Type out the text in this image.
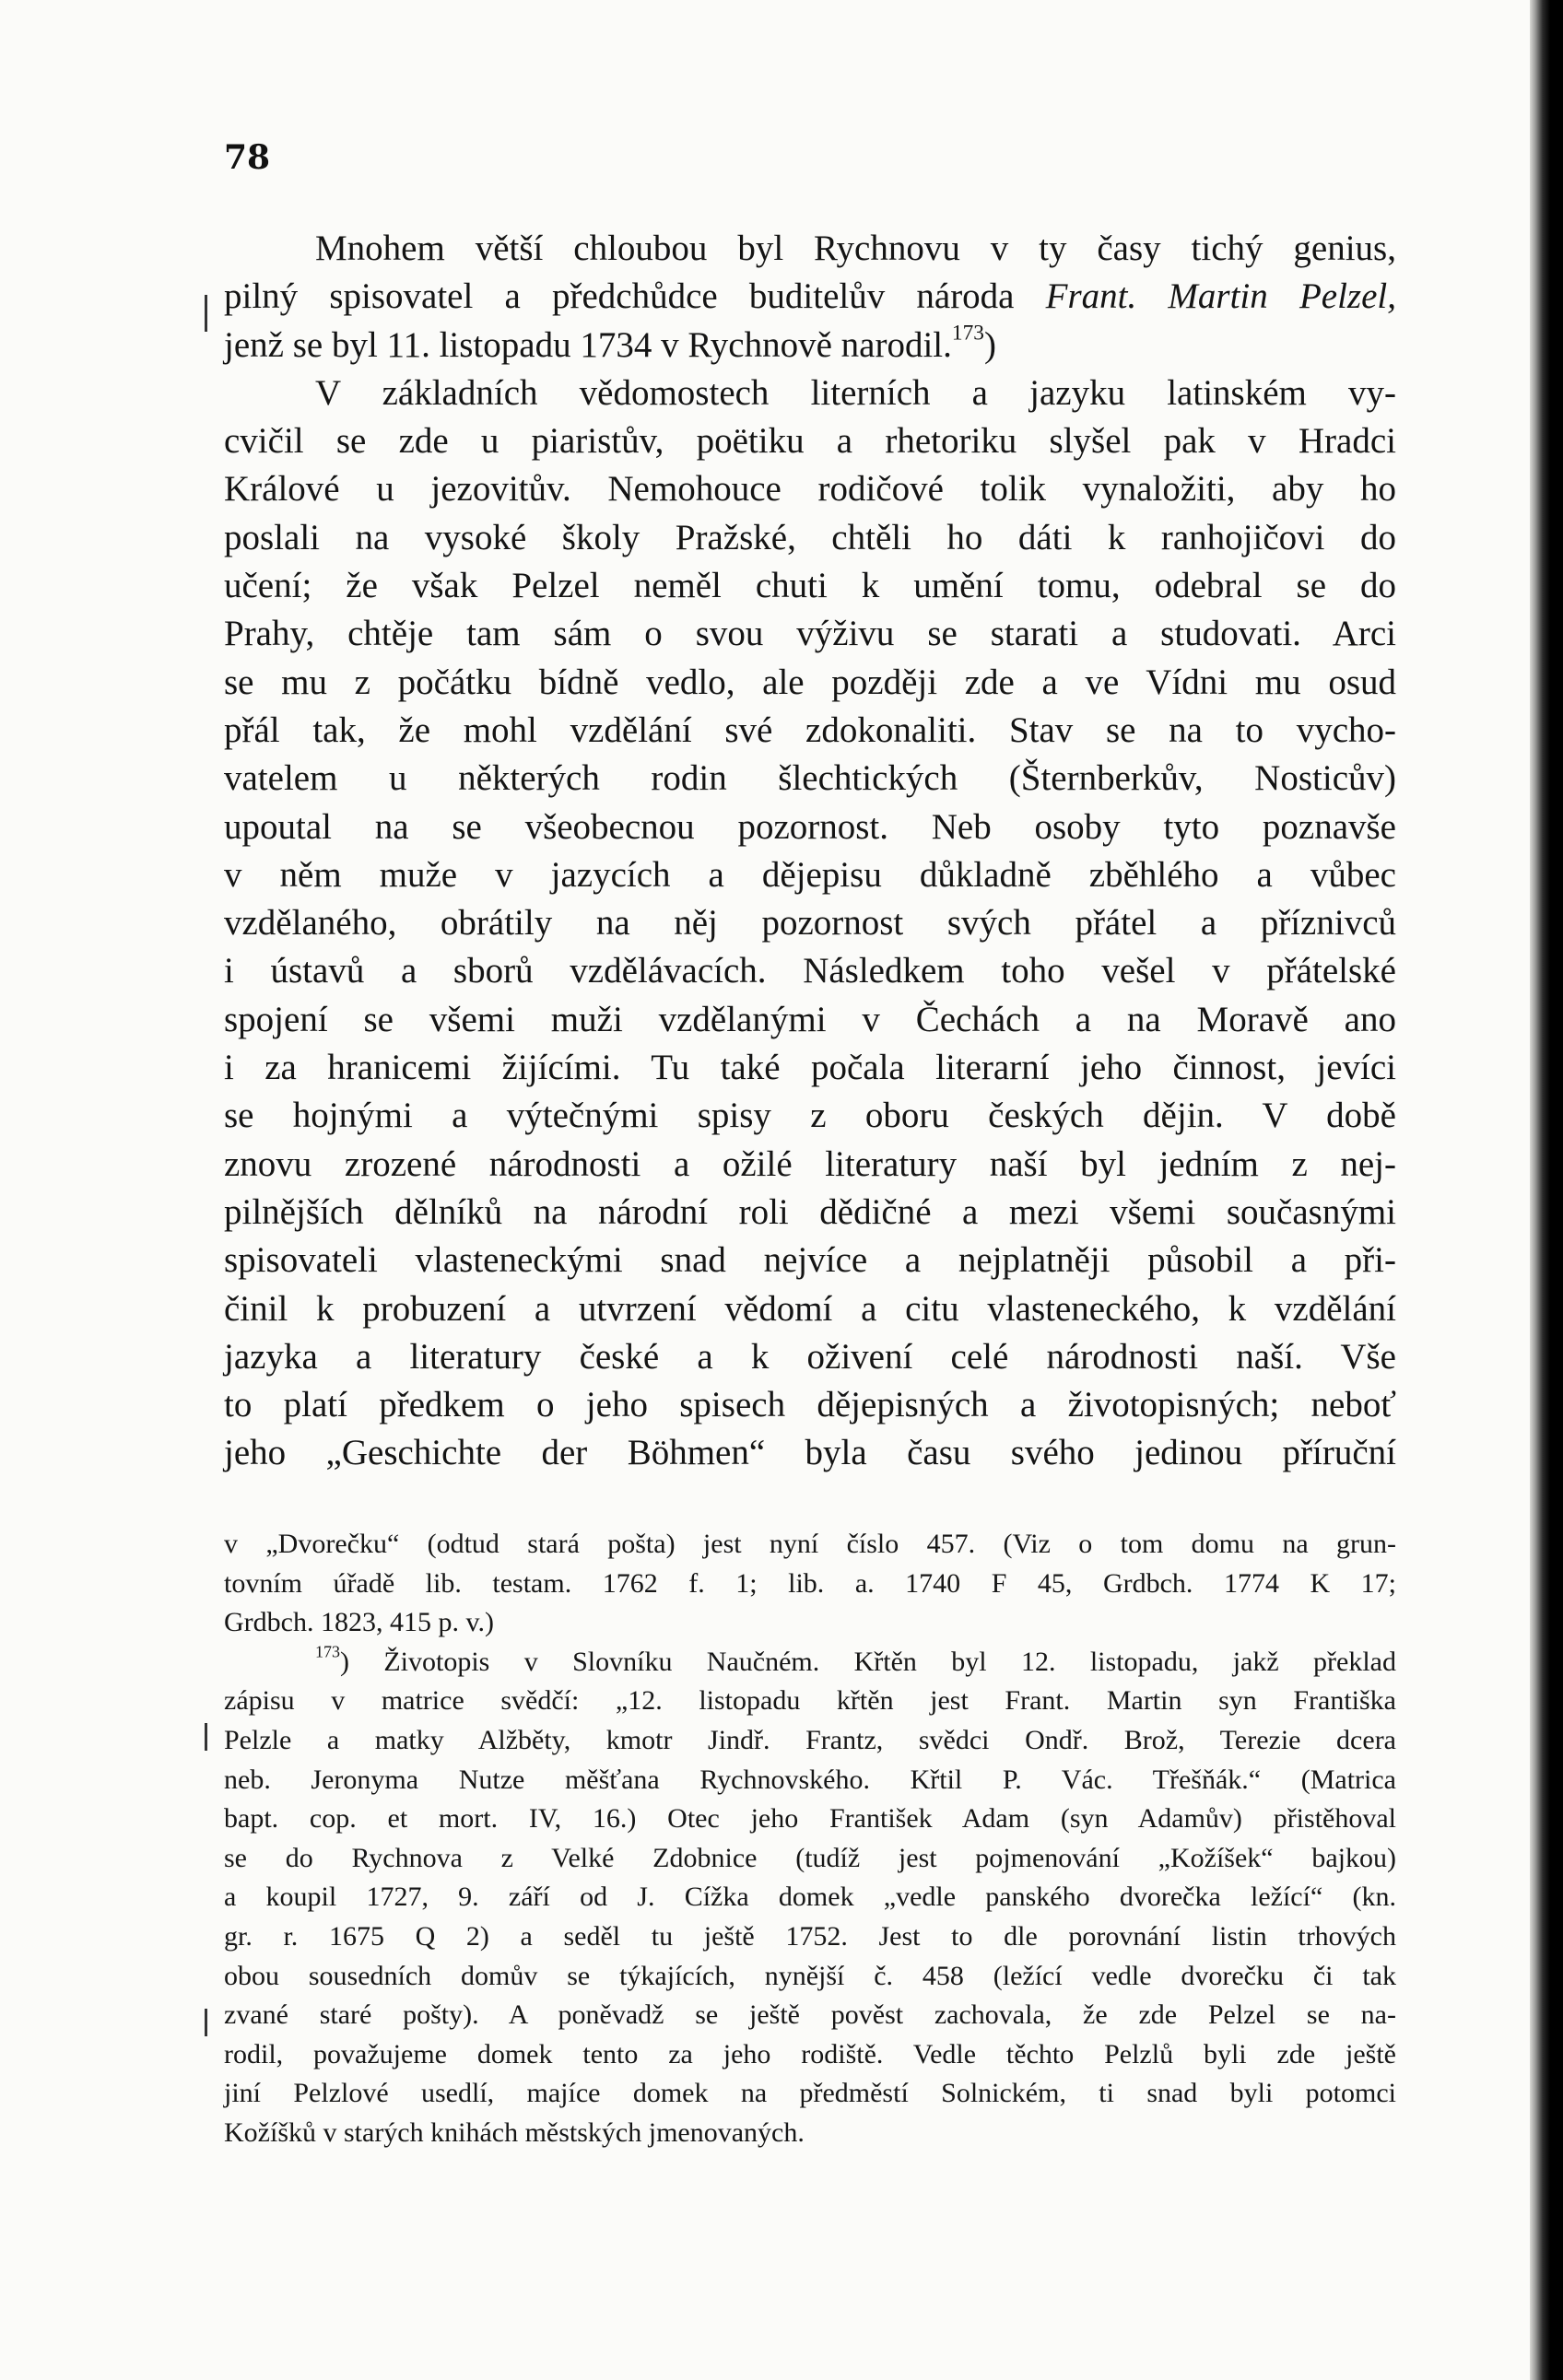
78

Mnohem větší chloubou byl Rychnovu v ty časy tichý genius,

pilný spisovatel a předchůdce buditelův národa Frant. Martin Pelzel,

jenž se byl 11. listopadu 1734 v Rychnově narodil.$^{173}$)

V základních vědomostech literních a jazyku latinském vy-

cvičil se zde u piaristův, poëtiku a rhetoriku slyšel pak v Hradci

Králové u jezovitův. Nemohouce rodičové tolik vynaložiti, aby ho

poslali na vysoké školy Pražské, chtěli ho dáti k ranhojičovi do

učení; že však Pelzel neměl chuti k umění tomu, odebral se do

Prahy, chtěje tam sám o svou výživu se starati a studovati. Arci

se mu z počátku bídně vedlo, ale později zde a ve Vídni mu osud

přál tak, že mohl vzdělání své zdokonaliti. Stav se na to vycho-

vatelem u některých rodin šlechtických (Šternberkův, Nosticův)

upoutal na se všeobecnou pozornost. Neb osoby tyto poznavše

v něm muže v jazycích a dějepisu důkladně zběhlého a vůbec

vzdělaného, obrátily na něj pozornost svých přátel a příznivců

i ústavů a sborů vzdělávacích. Následkem toho vešel v přátelské

spojení se všemi muži vzdělanými v Čechách a na Moravě ano

i za hranicemi žijícími. Tu také počala literarní jeho činnost, jevíci

se hojnými a výtečnými spisy z oboru českých dějin. V době

znovu zrozené národnosti a ožilé literatury naší byl jedním z nej-

pilnějších dělníků na národní roli dědičné a mezi všemi současnými

spisovateli vlasteneckými snad nejvíce a nejplatněji působil a při-

činil k probuzení a utvrzení vědomí a citu vlasteneckého, k vzdělání

jazyka a literatury české a k oživení celé národnosti naší. Vše

to platí předkem o jeho spisech dějepisných a životopisných; neboť

jeho „Geschichte der Böhmen“ byla času svého jedinou příruční

v „Dvorečku“ (odtud stará pošta) jest nyní číslo 457. (Viz o tom domu na grun-

tovním úřadě lib. testam. 1762 f. 1; lib. a. 1740 F 45, Grdbch. 1774 K 17;

Grdbch. 1823, 415 p. v.)

$^{173}$) Životopis v Slovníku Naučném. Křtěn byl 12. listopadu, jakž překlad

zápisu v matrice svědčí: „12. listopadu křtěn jest Frant. Martin syn Františka

Pelzle a matky Alžběty, kmotr Jindř. Frantz, svědci Ondř. Brož, Terezie dcera

neb. Jeronyma Nutze měšťana Rychnovského. Křtil P. Vác. Třešňák.“ (Matrica

bapt. cop. et mort. IV, 16.) Otec jeho František Adam (syn Adamův) přistěhoval

se do Rychnova z Velké Zdobnice (tudíž jest pojmenování „Kožíšek“ bajkou)

a koupil 1727, 9. září od J. Cížka domek „vedle panského dvorečka ležící“ (kn.

gr. r. 1675 Q 2) a seděl tu ještě 1752. Jest to dle porovnání listin trhových

obou sousedních domův se týkajících, nynější č. 458 (ležící vedle dvorečku či tak

zvané staré pošty). A poněvadž se ještě pověst zachovala, že zde Pelzel se na-

rodil, považujeme domek tento za jeho rodiště. Vedle těchto Pelzlů byli zde ještě

jiní Pelzlové usedlí, majíce domek na předměstí Solnickém, ti snad byli potomci

Kožíšků v starých knihách městských jmenovaných.
